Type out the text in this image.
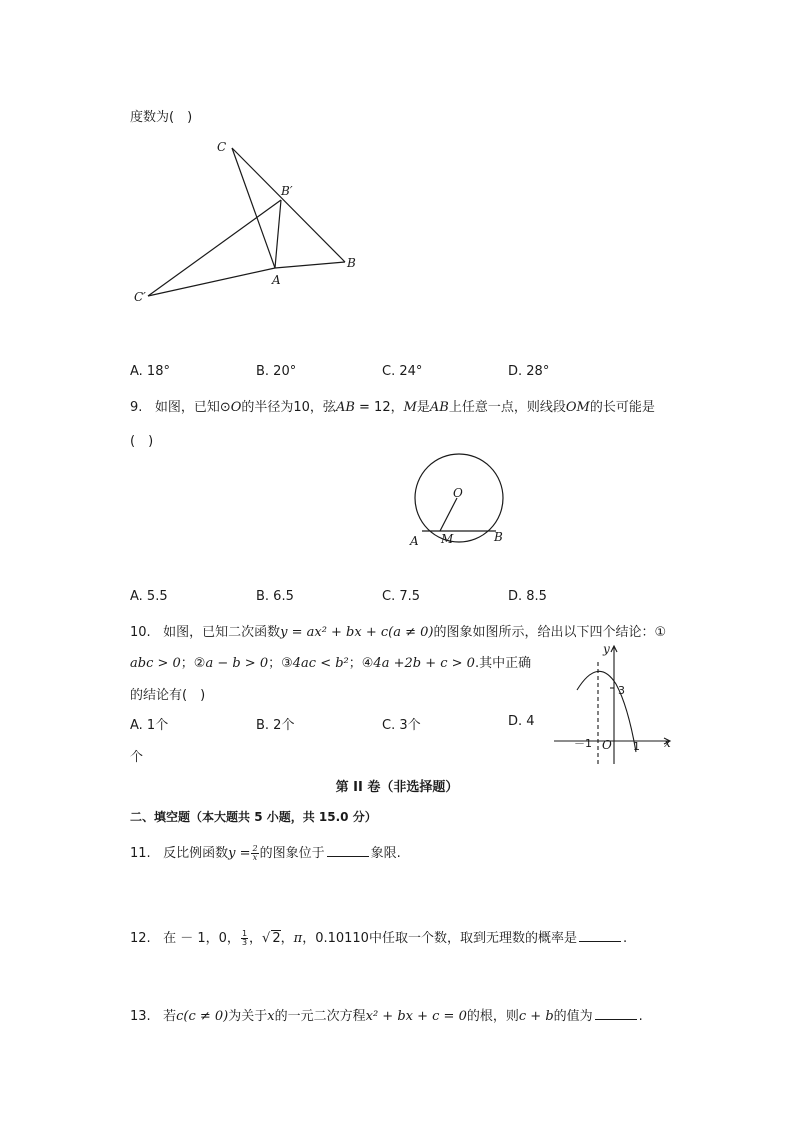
度数为(　)
C
B′
B
A
C′
A. 18°	B. 20°	C. 24°	D. 28°
9. 如图，已知⊙O的半径为10，弦AB = 12，M是AB上任意一点，则线段OM的长可能是
(　)
O
A M	B
A. 5.5	B. 6.5	C. 7.5	D. 8.5
10. 如图，已知二次函数y = ax² + bx + c(a ≠ 0)的图象如图所示，给出以下四个结论：①
abc > 0；②a − b > 0；③4ac < b²；④4a +2b + c > 0.其中正确
的结论有(　)
A. 1个	B. 2个	C. 3个	D. 4
个
y
x
3
－1 O 1
第 II 卷（非选择题）
二、填空题（本大题共 5 小题，共 15.0 分）
11. 反比例函数$y = \frac{2}{x}$ 的图象位于	象限.
12. 在 － 1，0， $\frac{1}{3}$ ，√ 2，π，0.10110中任取一个数，取到无理数的概率是	.
13. 若c(c ≠ 0)为关于x的一元二次方程x² + bx + c = 0的根，则c + b的值为	.
